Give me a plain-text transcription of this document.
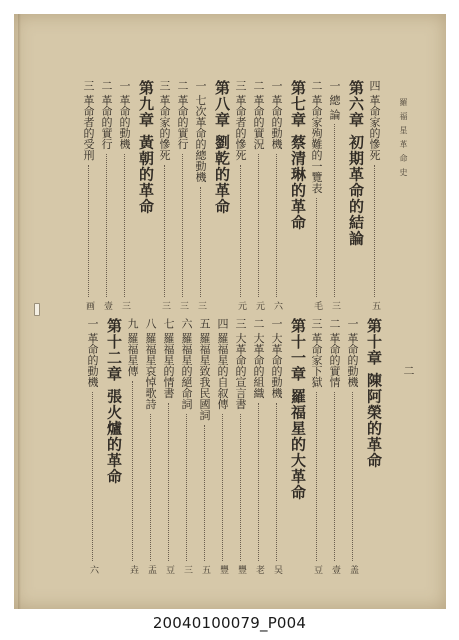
羅福星革命史
二
四 革命家的慘死
五
第六章 初期革命的結論
一 總 論
三
二 革命家殉難的一覽表
毛
第七章 蔡清琳的革命
一 革命的動機
六
二 革命的實況
元
三 革命者的慘死
元
第八章 劉乾的革命
一 七次革命的總動機
三
二 革命的實行
三
三 革命家的慘死
三
第九章 黃朝的革命
一 革命的動機
三
二 革命的實行
壹
三 革命者的受刑
画
第十章 陳阿榮的革命
一 革命的動機
盖
二 革命的實情
壹
三 革命家下獄
豆
第十一章 羅福星的大革命
一 大革命的動機
吴
二 大革命的組織
老
三 大革命的宣言書
豐
四 羅福星的自叙傳
豐
五 羅福星致我民國詞
五
六 羅福星的絕命詞
三
七 羅福星的情書
豆
八 羅福星哀悼歌詩
盂
九 羅福星傳
垚
第十二章 張火爐的革命
一 革命的動機
六
20040100079_P004
